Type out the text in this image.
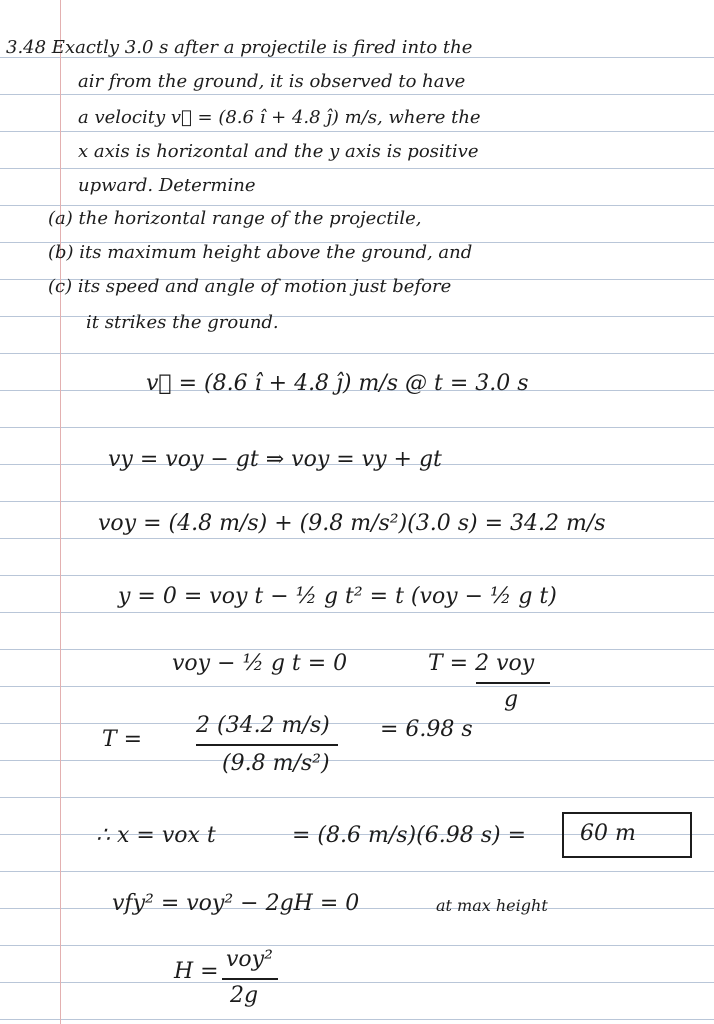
3.48 Exactly 3.0 s after a projectile is fired into the
air from the ground, it is observed to have
a velocity v⃗ = (8.6 î + 4.8 ĵ) m/s, where the
x axis is horizontal and the y axis is positive
upward. Determine
(a) the horizontal range of the projectile,
(b) its maximum height above the ground, and
(c) its speed and angle of motion just before
it strikes the ground.
v⃗ = (8.6 î + 4.8 ĵ) m/s @ t = 3.0 s
vy = voy − gt ⇒ voy = vy + gt
voy = (4.8 m/s) + (9.8 m/s²)(3.0 s) = 34.2 m/s
y = 0 = voy t − ½ g t² = t (voy − ½ g t)
voy − ½ g t = 0	T = 2 voy
g
T =
2 (34.2 m/s)
(9.8 m/s²)
= 6.98 s
∴ x = vox t	= (8.6 m/s)(6.98 s) = 60 m
vfy² = voy² − 2gH = 0	at max height
H = voy²
2g
